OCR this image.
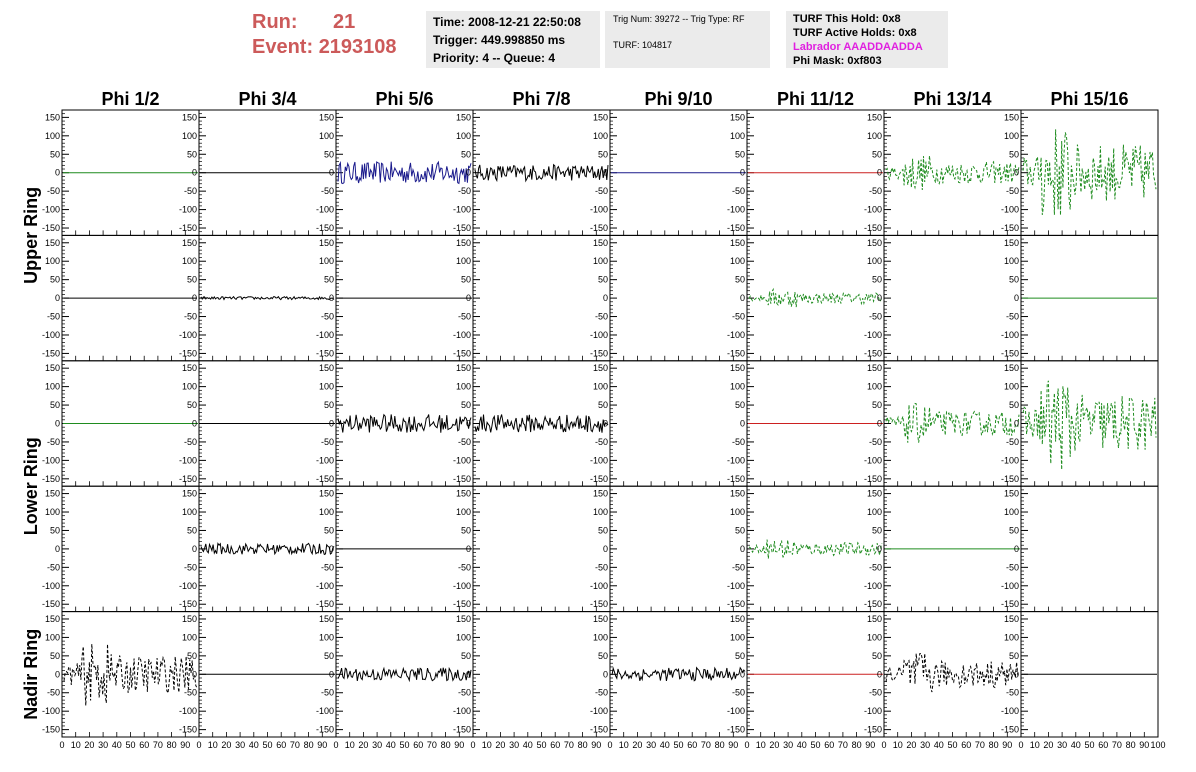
Run: 21
Event: 2193108
Time: 2008-12-21 22:50:08
Trigger: 449.998850 ms
Priority: 4 -- Queue: 4
Trig Num: 39272 -- Trig Type: RF
TURF: 104817
TURF This Hold: 0x8
TURF Active Holds: 0x8
Labrador AAADDAADDA
Phi Mask: 0xf803
Phi 1/2	Phi 3/4	Phi 5/6	Phi 7/8	Phi 9/10	Phi 11/12	Phi 13/14	Phi 15/16
Upper Ring
Lower Ring
Nadir Ring
-150
-100
-50
0
50
100
150
-150
-100
-50
0
50
100
150
-150
-100
-50
0
50
100
150
-150
-100
-50
0
50
100
150
-150
-100
-50
0
50
100
150
-150
-100
-50
0
50
100
150
-150
-100
-50
0
50
100
150
-150
-100
-50
0
50
100
150
-150
-100
-50
0
50
100
150
-150
-100
-50
0
50
100
150
-150
-100
-50
0
50
100
150
-150
-100
-50
0
50
100
150
-150
-100
-50
0
50
100
150
-150
-100
-50
0
50
100
150
-150
-100
-50
0
50
100
150
-150
-100
-50
0
50
100
150
-150
-100
-50
0
50
100
150
-150
-100
-50
0
50
100
150
-150
-100
-50
0
50
100
150
-150
-100
-50
0
50
100
150
-150
-100
-50
0
50
100
150
-150
-100
-50
0
50
100
150
-150
-100
-50
0
50
100
150
-150
-100
-50
0
50
100
150
-150
-100
-50
0
50
100
150
-150
-100
-50
0
50
100
150
-150
-100
-50
0
50
100
150
-150
-100
-50
0
50
100
150
-150
-100
-50
0
50
100
150
-150
-100
-50
0
50
100
150
-150
-100
-50
0
50
100
150
-150
-100
-50
0
50
100
150
-150
-100
-50
0
50
100
150
0 10 20 30 40 50 60 70 80 90
-150
-100
-50
0
50
100
150
0 10 20 30 40 50 60 70 80 90
-150
-100
-50
0
50
100
150
0 10 20 30 40 50 60 70 80 90
-150
-100
-50
0
50
100
150
0 10 20 30 40 50 60 70 80 90
-150
-100
-50
0
50
100
150
0 10 20 30 40 50 60 70 80 90
-150
-100
-50
0
50
100
150
0 10 20 30 40 50 60 70 80 90
-150
-100
-50
0
50
100
150
0 10 20 30 40 50 60 70 80 90
-150
-100
-50
0
50
100
150
0 10 20 30 40 50 60 70 80 90 100
